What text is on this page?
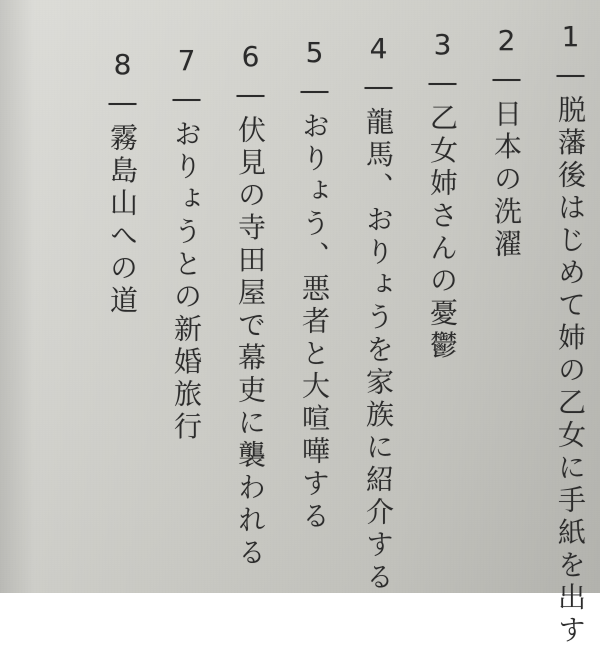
1―脱藩後はじめて姉の乙女に手紙を出す
2―日本の洗濯
3―乙女姉さんの憂鬱
4―龍馬、おりょうを家族に紹介する
5―おりょう、悪者と大喧嘩する
6―伏見の寺田屋で幕吏に襲われる
7―おりょうとの新婚旅行
8―霧島山への道
